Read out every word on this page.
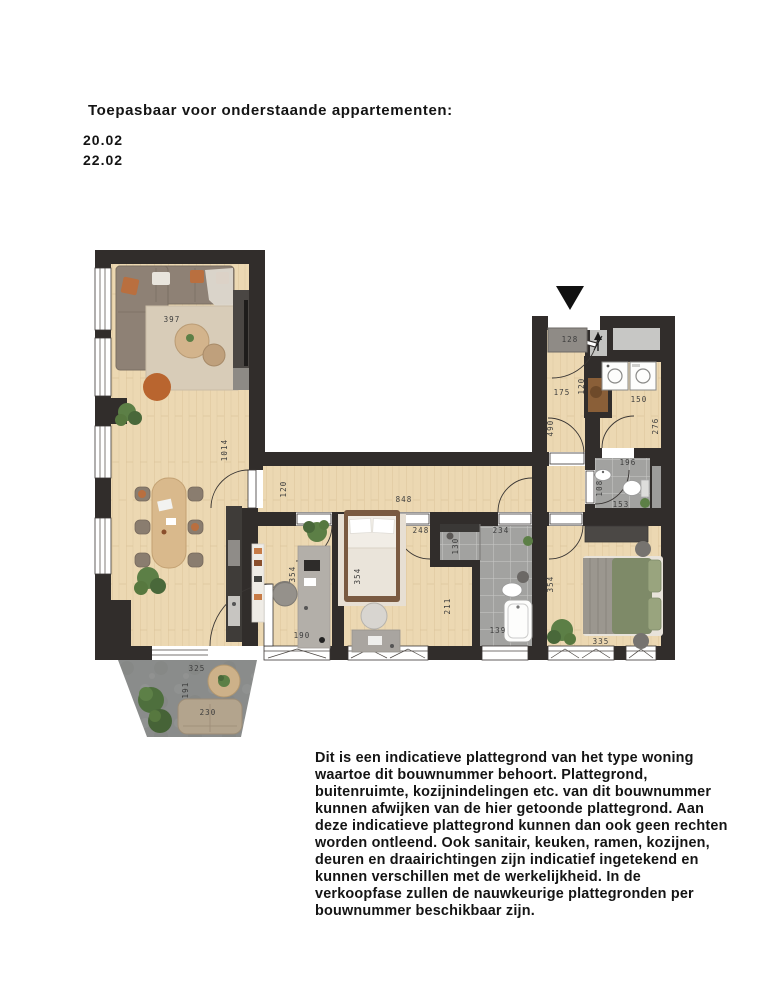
Toepasbaar voor onderstaande appartementen:
20.02
22.02
397
1014
120
848
248	234
130
139
211
354
354
190
354
335
196
108
153
150
276
120
175
490
128
325
191
230

Dit is een indicatieve plattegrond van het type woning waartoe dit bouwnummer behoort. Plattegrond, buitenruimte, kozijnindelingen etc. van dit bouwnummer kunnen afwijken van de hier getoonde plattegrond. Aan deze indicatieve plattegrond kunnen dan ook geen rechten worden ontleend. Ook sanitair, keuken, ramen, kozijnen, deuren en draairichtingen zijn indicatief ingetekend en kunnen verschillen met de werkelijkheid. In de verkoopfase zullen de nauwkeurige plattegronden per bouwnummer beschikbaar zijn.
